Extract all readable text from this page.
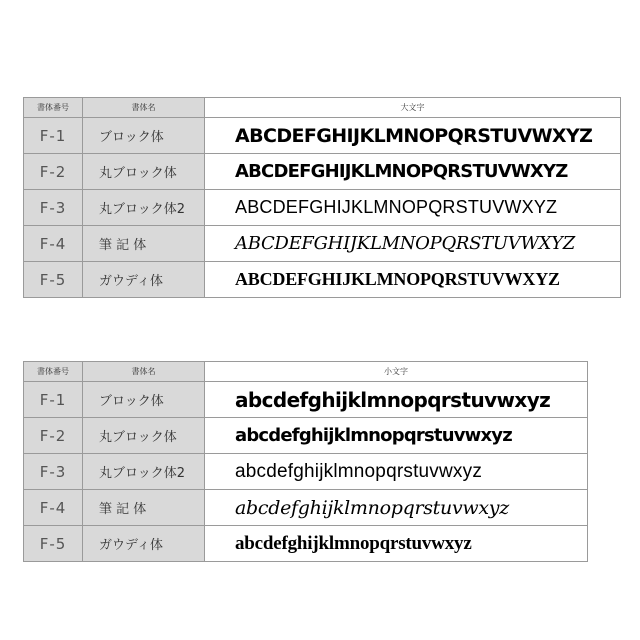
書体番号	書体名	大文字
F-1	ブロック体	ABCDEFGHIJKLMNOPQRSTUVWXYZ
F-2	丸ブロック体	ABCDEFGHIJKLMNOPQRSTUVWXYZ
F-3	丸ブロック体2	ABCDEFGHIJKLMNOPQRSTUVWXYZ
F-4	筆 記 体	ABCDEFGHIJKLMNOPQRSTUVWXYZ
F-5	ガウディ体	ABCDEFGHIJKLMNOPQRSTUVWXYZ
書体番号	書体名	小文字
F-1	ブロック体	abcdefghijklmnopqrstuvwxyz
F-2	丸ブロック体	abcdefghijklmnopqrstuvwxyz
F-3	丸ブロック体2	abcdefghijklmnopqrstuvwxyz
F-4	筆 記 体	abcdefghijklmnopqrstuvwxyz
F-5	ガウディ体	abcdefghijklmnopqrstuvwxyz
